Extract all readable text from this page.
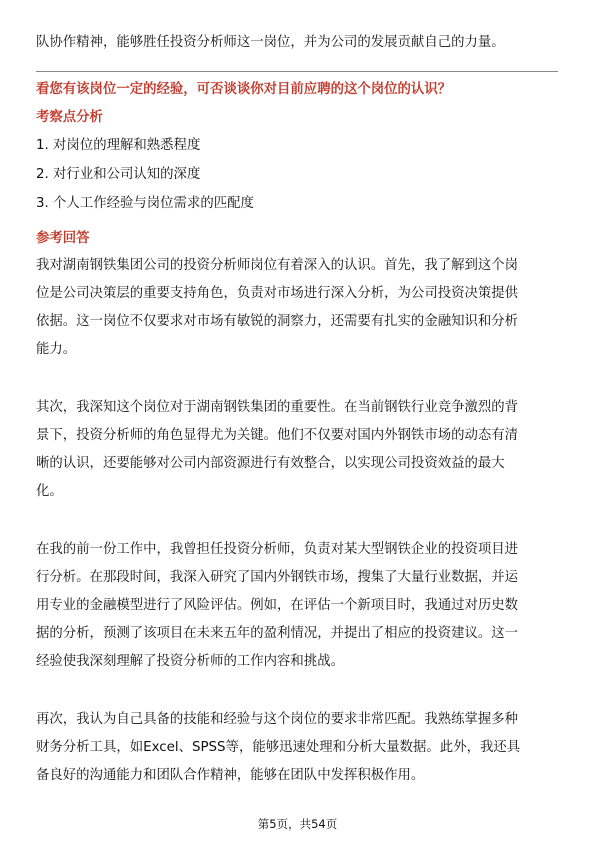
队协作精神，能够胜任投资分析师这一岗位，并为公司的发展贡献自己的力量。
看您有该岗位一定的经验，可否谈谈你对目前应聘的这个岗位的认识？
考察点分析
1. 对岗位的理解和熟悉程度
2. 对行业和公司认知的深度
3. 个人工作经验与岗位需求的匹配度
参考回答
我对湖南钢铁集团公司的投资分析师岗位有着深入的认识。首先，我了解到这个岗
位是公司决策层的重要支持角色，负责对市场进行深入分析，为公司投资决策提供
依据。这一岗位不仅要求对市场有敏锐的洞察力，还需要有扎实的金融知识和分析
能力。
其次，我深知这个岗位对于湖南钢铁集团的重要性。在当前钢铁行业竞争激烈的背
景下，投资分析师的角色显得尤为关键。他们不仅要对国内外钢铁市场的动态有清
晰的认识，还要能够对公司内部资源进行有效整合，以实现公司投资效益的最大
化。
在我的前一份工作中，我曾担任投资分析师，负责对某大型钢铁企业的投资项目进
行分析。在那段时间，我深入研究了国内外钢铁市场，搜集了大量行业数据，并运
用专业的金融模型进行了风险评估。例如，在评估一个新项目时，我通过对历史数
据的分析，预测了该项目在未来五年的盈利情况，并提出了相应的投资建议。这一
经验使我深刻理解了投资分析师的工作内容和挑战。
再次，我认为自己具备的技能和经验与这个岗位的要求非常匹配。我熟练掌握多种
财务分析工具，如Excel、SPSS等，能够迅速处理和分析大量数据。此外，我还具
备良好的沟通能力和团队合作精神，能够在团队中发挥积极作用。
第5页，共54页
